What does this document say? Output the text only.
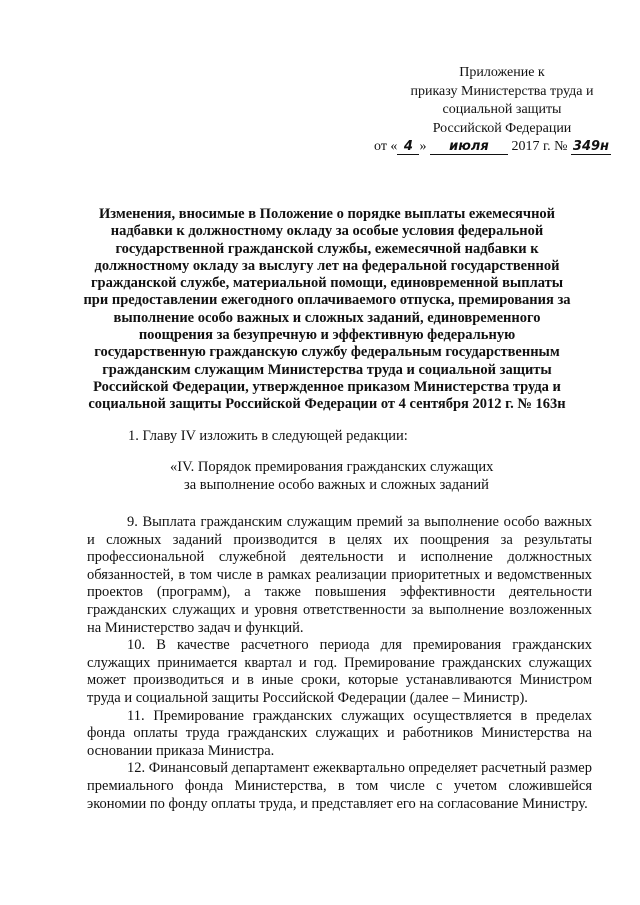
Приложение к
приказу Министерства труда и
социальной защиты
Российской Федерации
от « 4 » июля 2017 г. № 349н
Изменения, вносимые в Положение о порядке выплаты ежемесячной надбавки к должностному окладу за особые условия федеральной государственной гражданской службы, ежемесячной надбавки к должностному окладу за выслугу лет на федеральной государственной гражданской службе, материальной помощи, единовременной выплаты при предоставлении ежегодного оплачиваемого отпуска, премирования за выполнение особо важных и сложных заданий, единовременного поощрения за безупречную и эффективную федеральную государственную гражданскую службу федеральным государственным гражданским служащим Министерства труда и социальной защиты Российской Федерации, утвержденное приказом Министерства труда и социальной защиты Российской Федерации от 4 сентября 2012 г. № 163н
1. Главу IV изложить в следующей редакции:
«IV. Порядок премирования гражданских служащих
за выполнение особо важных и сложных заданий

9. Выплата гражданским служащим премий за выполнение особо важных и сложных заданий производится в целях их поощрения за результаты профессиональной служебной деятельности и исполнение должностных обязанностей, в том числе в рамках реализации приоритетных и ведомственных проектов (программ), а также повышения эффективности деятельности гражданских служащих и уровня ответственности за выполнение возложенных на Министерство задач и функций.

10. В качестве расчетного периода для премирования гражданских служащих принимается квартал и год. Премирование гражданских служащих может производиться и в иные сроки, которые устанавливаются Министром труда и социальной защиты Российской Федерации (далее – Министр).

11. Премирование гражданских служащих осуществляется в пределах фонда оплаты труда гражданских служащих и работников Министерства на основании приказа Министра.

12. Финансовый департамент ежеквартально определяет расчетный размер премиального фонда Министерства, в том числе с учетом сложившейся экономии по фонду оплаты труда, и представляет его на согласование Министру.
